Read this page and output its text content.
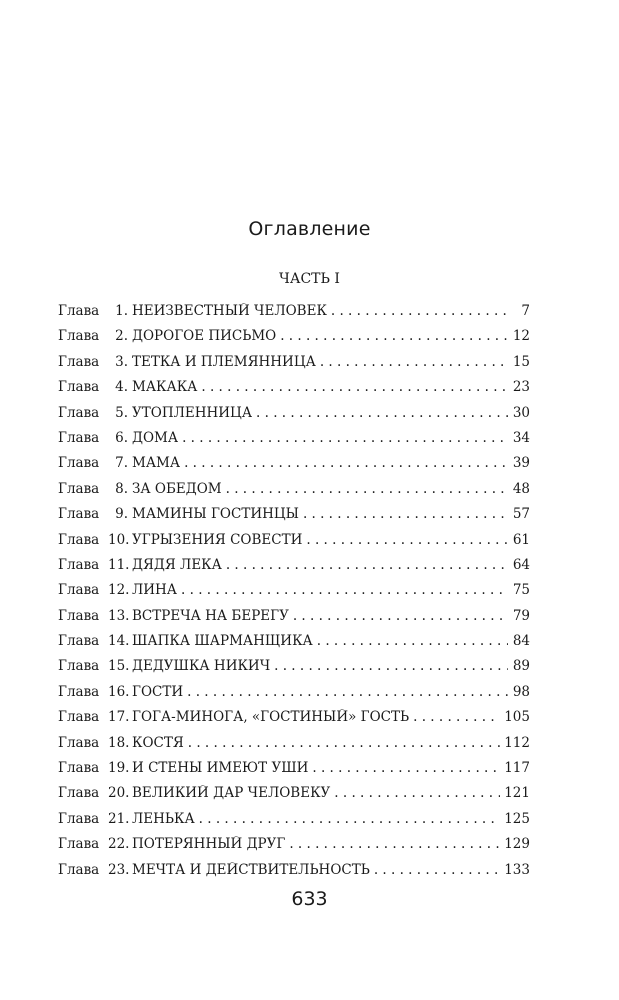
Оглавление
ЧАСТЬ I
Глава	1. НЕИЗВЕСТНЫЙ ЧЕЛОВЕК . . .	7
Глава	2. ДОРОГОЕ ПИСЬМО . . .	12
Глава	3. ТЕТКА И ПЛЕМЯННИЦА . . .	15
Глава	4. МАКАКА . . .	23
Глава	5. УТОПЛЕННИЦА . . .	30
Глава	6. ДОМА . . .	34
Глава	7. МАМА . . .	39
Глава	8. ЗА ОБЕДОМ . . .	48
Глава	9. МАМИНЫ ГОСТИНЦЫ . . .	57
Глава 10. УГРЫЗЕНИЯ СОВЕСТИ . . .	61
Глава 11. ДЯДЯ ЛЕКА . . .	64
Глава 12. ЛИНА . . .	75
Глава 13. ВСТРЕЧА НА БЕРЕГУ . . .	79
Глава 14. ШАПКА ШАРМАНЩИКА . . .	84
Глава 15. ДЕДУШКА НИКИЧ . . .	89
Глава 16. ГОСТИ . . .	98
Глава 17. ГОГА-МИНОГА, «ГОСТИНЫЙ» ГОСТЬ . . .	105
Глава 18. КОСТЯ . . .	112
Глава 19. И СТЕНЫ ИМЕЮТ УШИ . . .	117
Глава 20. ВЕЛИКИЙ ДАР ЧЕЛОВЕКУ . . .	121
Глава 21. ЛЕНЬКА . . .	125
Глава 22. ПОТЕРЯННЫЙ ДРУГ . . .	129
Глава 23. МЕЧТА И ДЕЙСТВИТЕЛЬНОСТЬ . . .	133
633
